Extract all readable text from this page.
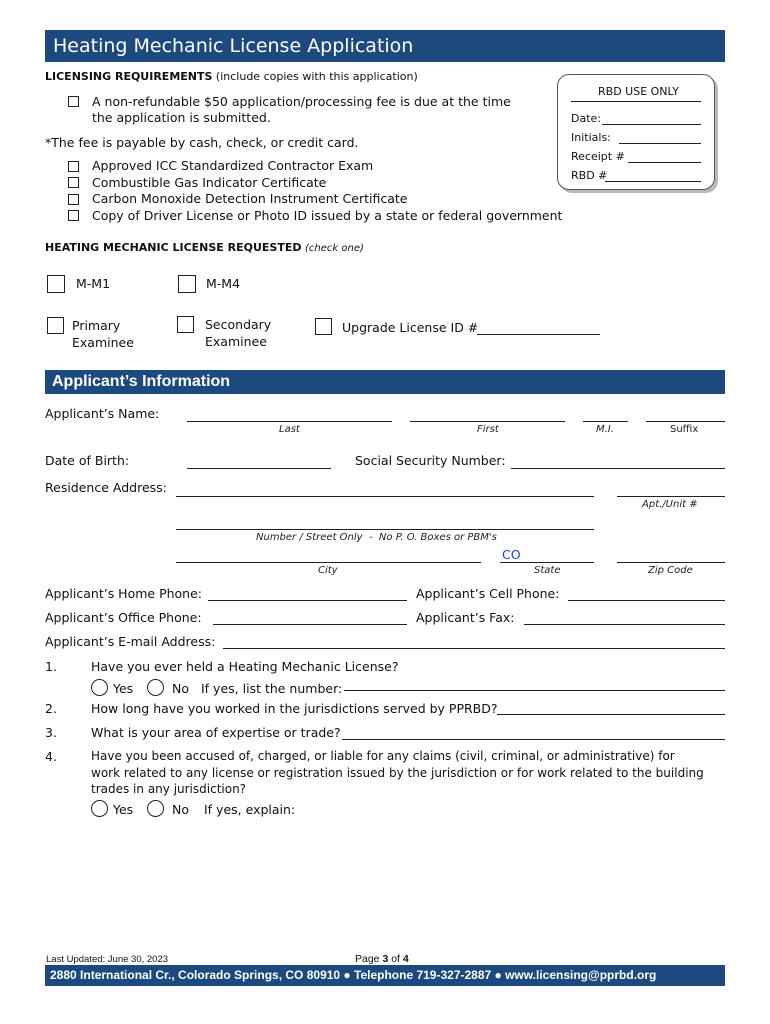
Heating Mechanic License Application
LICENSING REQUIREMENTS (include copies with this application)
A non-refundable $50 application/processing fee is due at the time
the application is submitted.
*The fee is payable by cash, check, or credit card.
Approved ICC Standardized Contractor Exam
Combustible Gas Indicator Certificate
Carbon Monoxide Detection Instrument Certificate
Copy of Driver License or Photo ID issued by a state or federal government
RBD USE ONLY
Date:
Initials:
Receipt #
RBD #
HEATING MECHANIC LICENSE REQUESTED (check one)
M-M1	M-M4
Primary
Examinee
Secondary
Examinee
Upgrade License ID #
Applicant’s Information
Applicant’s Name:
Last	First	M.I.	Suffix
Date of Birth:	Social Security Number:
Residence Address:
Apt./Unit #
Number / Street Only  -  No P. O. Boxes or PBM's
CO
City	State	Zip Code
Applicant’s Home Phone:	Applicant’s Cell Phone:
Applicant’s Office Phone:	Applicant’s Fax:
Applicant’s E-mail Address:
1.	Have you ever held a Heating Mechanic License?
Yes	No If yes, list the number:
2.	How long have you worked in the jurisdictions served by PPRBD?
3.	What is your area of expertise or trade?
4.	Have you been accused of, charged, or liable for any claims (civil, criminal, or administrative) for
work related to any license or registration issued by the jurisdiction or for work related to the building
trades in any jurisdiction?
Yes	No If yes, explain:
Last Updated: June 30, 2023	Page 3 of 4
2880 International Cr., Colorado Springs, CO 80910 ● Telephone 719-327-2887 ● www.licensing@pprbd.org
